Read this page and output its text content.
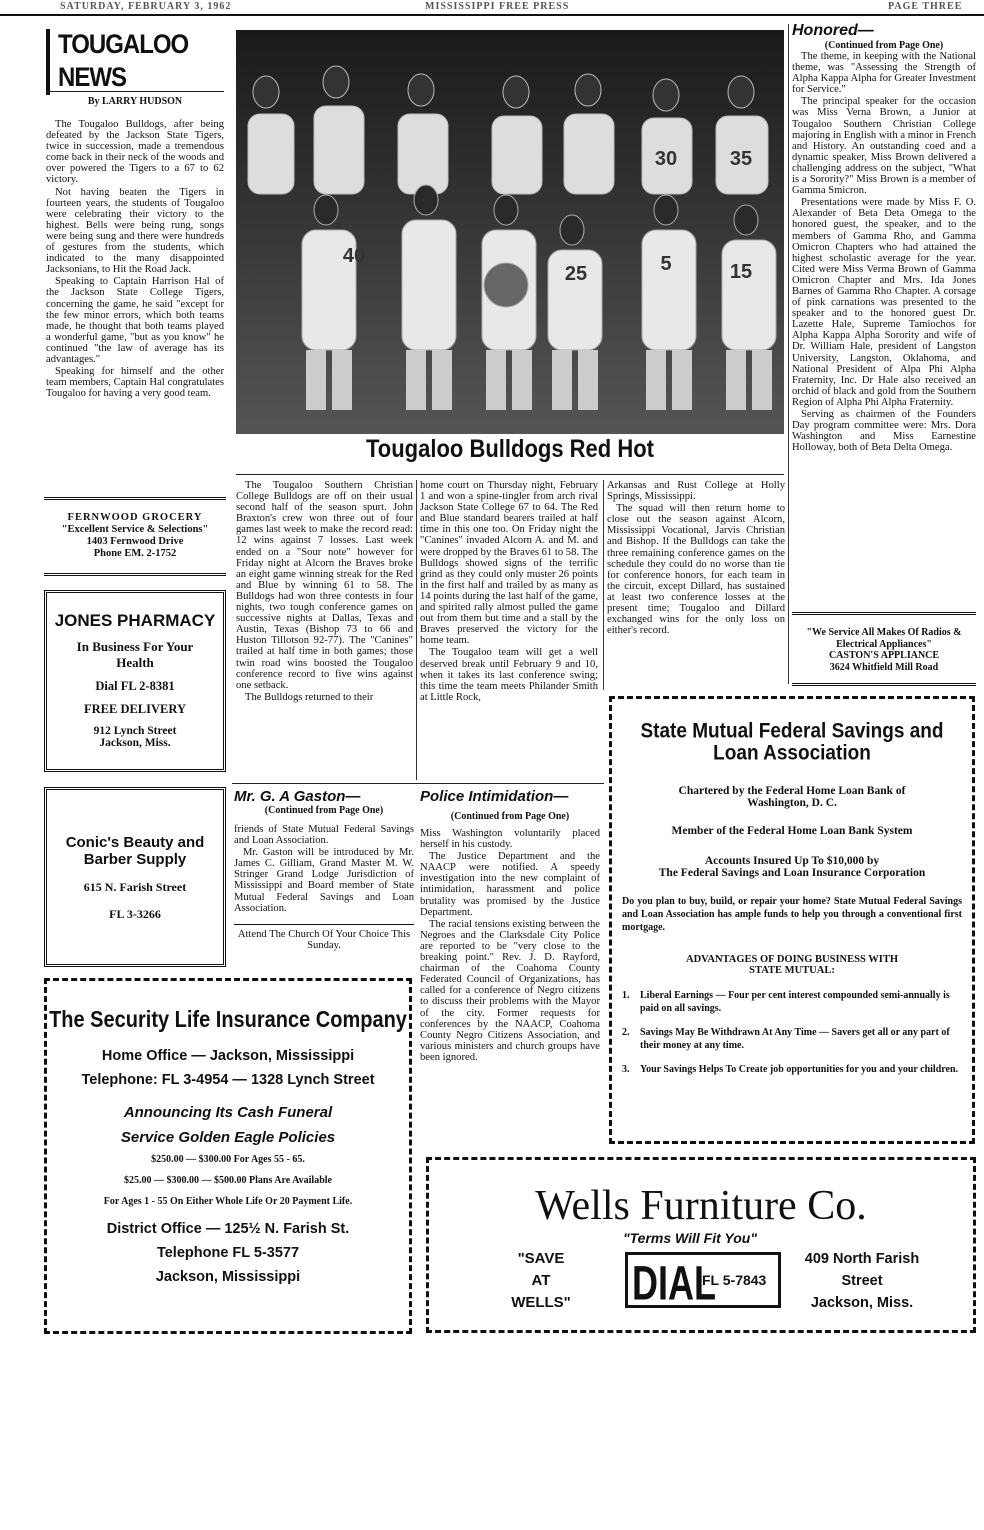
SATURDAY, FEBRUARY 3, 1962	MISSISSIPPI FREE PRESS	PAGE THREE
TOUGALOO NEWS
By LARRY HUDSON

The Tougaloo Bulldogs, after being defeated by the Jackson State Tigers, twice in succession, made a tremendous come back in their neck of the woods and over powered the Tigers to a 67 to 62 victory.

Not having beaten the Tigers in fourteen years, the students of Tougaloo were celebrating their victory to the highest. Bells were being rung, songs were being sung and there were hundreds of gestures from the students, which indicated to the many disappointed Jacksonians, to Hit the Road Jack.

Speaking to Captain Harrison Hal of the Jackson State College Tigers, concerning the game, he said "except for the few minor errors, which both teams made, he thought that both teams played a wonderful game, "but as you know" he continued "the law of average has its advantages."

Speaking for himself and the other team members, Captain Hal congratulates Tougaloo for having a very good team.

FERNWOOD GROCERY
"Excellent Service & Selections"
1403 Fernwood Drive
Phone EM. 2-1752
JONES PHARMACY
In Business For Your
Health
Dial FL 2-8381
FREE DELIVERY
912 Lynch Street
Jackson, Miss.
Conic's Beauty and
Barber Supply
615 N. Farish Street
FL 3-3266
30	35
40
25	5	15
Tougaloo Bulldogs Red Hot

The Tougaloo Southern Christian College Bulldogs are off on their usual second half of the season spurt. John Braxton's crew won three out of four games last week to make the record read: 12 wins against 7 losses. Last week ended on a "Sour note" however for Friday night at Alcorn the Braves broke an eight game winning streak for the Red and Blue by winning 61 to 58. The Bulldogs had won three contests in four nights, two tough conference games on successive nights at Dallas, Texas and Austin, Texas (Bishop 73 to 66 and Huston Tillotson 92-77). The "Canines" trailed at half time in both games; those twin road wins boosted the Tougaloo conference record to five wins against one setback.

The Bulldogs returned to their

home court on Thursday night, February 1 and won a spine-tingler from arch rival Jackson State College 67 to 64. The Red and Blue standard bearers trailed at half time in this one too. On Friday night the "Canines" invaded Alcorn A. and M. and were dropped by the Braves 61 to 58. The Bulldogs showed signs of the terrific grind as they could only muster 26 points in the first half and trailed by as many as 14 points during the last half of the game, and spirited rally almost pulled the game out from them but time and a stall by the Braves preserved the victory for the home team.

The Tougaloo team will get a well deserved break until February 9 and 10, when it takes its last conference swing; this time the team meets Philander Smith at Little Rock,

Arkansas and Rust College at Holly Springs, Mississippi.

The squad will then return home to close out the season against Alcorn, Mississippi Vocational, Jarvis Christian and Bishop. If the Bulldogs can take the three remaining conference games on the schedule they could do no worse than tie for conference honors, for each team in the circuit, except Dillard, has sustained at least two conference losses at the present time; Tougaloo and Dillard exchanged wins for the only loss on either's record.

Honored—
(Continued from Page One)

The theme, in keeping with the National theme, was "Assessing the Strength of Alpha Kappa Alpha for Greater Investment for Service."

The principal speaker for the occasion was Miss Verna Brown, a Junior at Tougaloo Southern Christian College majoring in English with a minor in French and History. An outstanding coed and a dynamic speaker, Miss Brown delivered a challenging address on the subject, "What is a Sorority?" Miss Brown is a member of Gamma Smicron.

Presentations were made by Miss F. O. Alexander of Beta Deta Omega to the honored guest, the speaker, and to the members of Gamma Rho, and Gamma Omicron Chapters who had attained the highest scholastic average for the year. Cited were Miss Verma Brown of Gamma Omicron Chapter and Mrs. Ida Jones Barnes of Gamma Rho Chapter. A corsage of pink carnations was presented to the speaker and to the honored guest Dr. Lazette Hale, Supreme Tamiochos for Alpha Kappa Alpha Sorority and wife of Dr. William Hale, president of Langston University, Langston, Oklahoma, and National President of Alpa Phi Alpha Fraternity, Inc. Dr Hale also received an orchid of black and gold from the Southern Region of Alpha Phi Alpha Fraternity.

Serving as chairmen of the Founders Day program committee were: Mrs. Dora Washington and Miss Earnestine Holloway, both of Beta Delta Omega.

"We Service All Makes Of Radios & Electrical Appliances"
CASTON'S APPLIANCE
3624 Whitfield Mill Road
Mr. G. A Gaston—
(Continued from Page One)

friends of State Mutual Federal Savings and Loan Association.

Mr. Gaston will be introduced by Mr. James C. Gilliam, Grand Master M. W. Stringer Grand Lodge Jurisdiction of Mississippi and Board member of State Mutual Federal Savings and Loan Association.

Attend The Church Of Your Choice This Sunday.
Police Intimidation—
(Continued from Page One)

Miss Washington voluntarily placed herself in his custody.

The Justice Department and the NAACP were notified. A speedy investigation into the new complaint of intimidation, harassment and police brutality was promised by the Justice Department.

The racial tensions existing between the Negroes and the Clarksdale City Police are reported to be "very close to the breaking point." Rev. J. D. Rayford, chairman of the Coahoma County Federated Council of Organizations, has called for a conference of Negro citizens to discuss their problems with the Mayor of the city. Former requests for conferences by the NAACP, Coahoma County Negro Citizens Association, and various ministers and church groups have been ignored.

State Mutual Federal Savings and
Loan Association
Chartered by the Federal Home Loan Bank of Washington, D. C.
Member of the Federal Home Loan Bank System
Accounts Insured Up To $10,000 by
The Federal Savings and Loan Insurance Corporation
Do you plan to buy, build, or repair your home? State Mutual Federal Savings and Loan Association has ample funds to help you through a conventional first mortgage.
ADVANTAGES OF DOING BUSINESS WITH
STATE MUTUAL:
1.	Liberal Earnings — Four per cent interest compounded semi-annually is paid on all savings.
2.	Savings May Be Withdrawn At Any Time — Savers get all or any part of their money at any time.
3.	Your Savings Helps To Create job opportunities for you and your children.
The Security Life Insurance Company
Home Office — Jackson, Mississippi
Telephone: FL 3-4954 — 1328 Lynch Street
Announcing Its Cash Funeral
Service Golden Eagle Policies
$250.00 — $300.00 For Ages 55 - 65.
$25.00 — $300.00 — $500.00 Plans Are Available
For Ages 1 - 55 On Either Whole Life Or 20 Payment Life.
District Office — 125½ N. Farish St.
Telephone FL 5-3577
Jackson, Mississippi
Wells Furniture Co.
"Terms Will Fit You"
"SAVE
AT
WELLS" DIAL
FL 5-7843
409 North Farish
Street
Jackson, Miss.
